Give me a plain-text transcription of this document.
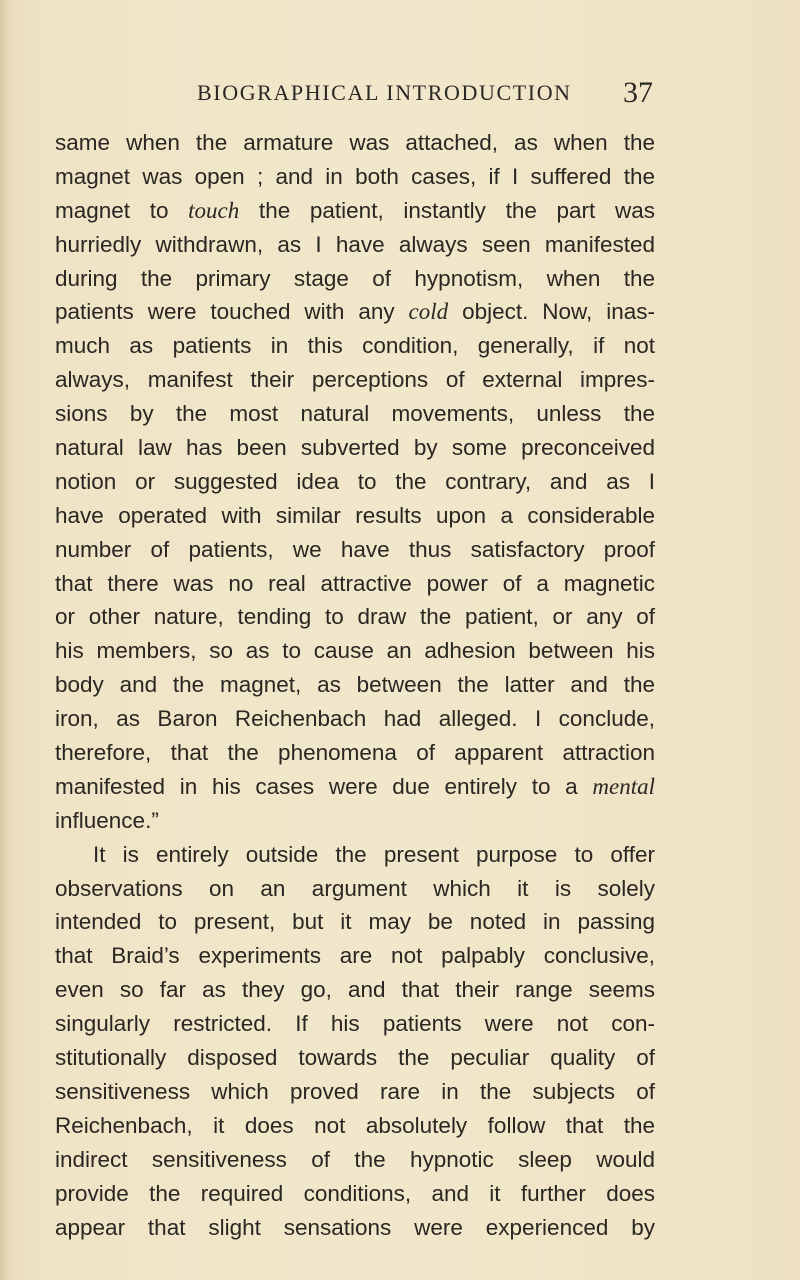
BIOGRAPHICAL INTRODUCTION 37
same when the armature was attached, as when the
magnet was open ; and in both cases, if I suffered the
magnet to touch the patient, instantly the part was
hurriedly withdrawn, as I have always seen manifested
during the primary stage of hypnotism, when the
patients were touched with any cold object. Now, inas-
much as patients in this condition, generally, if not
always, manifest their perceptions of external impres-
sions by the most natural movements, unless the
natural law has been subverted by some preconceived
notion or suggested idea to the contrary, and as I
have operated with similar results upon a considerable
number of patients, we have thus satisfactory proof
that there was no real attractive power of a magnetic
or other nature, tending to draw the patient, or any of
his members, so as to cause an adhesion between his
body and the magnet, as between the latter and the
iron, as Baron Reichenbach had alleged. I conclude,
therefore, that the phenomena of apparent attraction
manifested in his cases were due entirely to a mental
influence.”
It is entirely outside the present purpose to offer
observations on an argument which it is solely
intended to present, but it may be noted in passing
that Braid’s experiments are not palpably conclusive,
even so far as they go, and that their range seems
singularly restricted. If his patients were not con-
stitutionally disposed towards the peculiar quality of
sensitiveness which proved rare in the subjects of
Reichenbach, it does not absolutely follow that the
indirect sensitiveness of the hypnotic sleep would
provide the required conditions, and it further does
appear that slight sensations were experienced by
